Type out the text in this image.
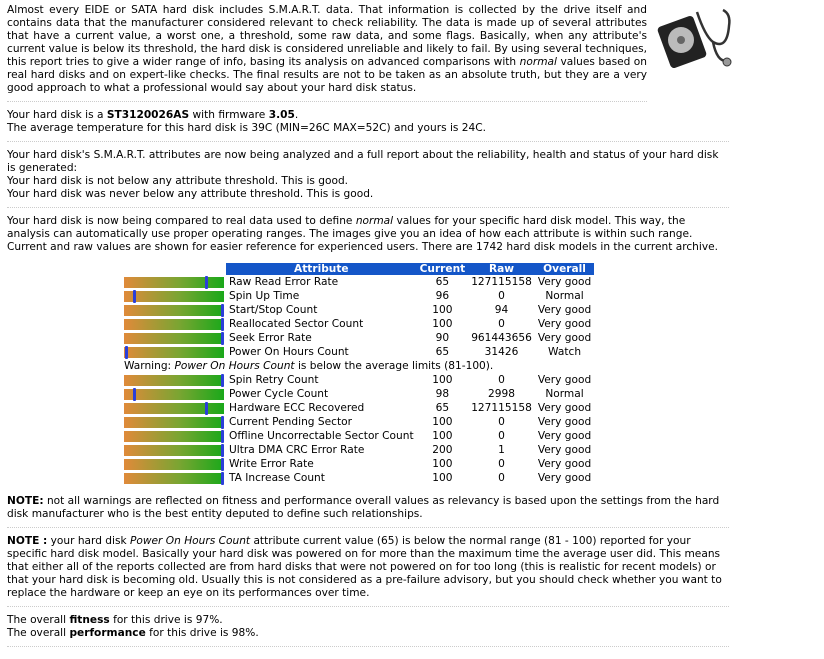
Almost every EIDE or SATA hard disk includes S.M.A.R.T. data. That information is collected by the drive itself and contains data that the manufacturer considered relevant to check reliability. The data is made up of several attributes that have a current value, a worst one, a threshold, some raw data, and some flags. Basically, when any attribute's current value is below its threshold, the hard disk is considered unreliable and likely to fail. By using several techniques, this report tries to give a wider range of info, basing its analysis on advanced comparisons with normal values based on real hard disks and on expert-like checks. The final results are not to be taken as an absolute truth, but they are a very good approach to what a professional would say about your hard disk status.

Your hard disk is a ST3120026AS with firmware 3.05.
The average temperature for this hard disk is 39C (MIN=26C MAX=52C) and yours is 24C.

Your hard disk's S.M.A.R.T. attributes are now being analyzed and a full report about the reliability, health and status of your hard disk is generated:
Your hard disk is not below any attribute threshold. This is good.
Your hard disk was never below any attribute threshold. This is good.

Your hard disk is now being compared to real data used to define normal values for your specific hard disk model. This way, the analysis can automatically use proper operating ranges. The images give you an idea of how each attribute is within such range. Current and raw values are shown for easier reference for experienced users. There are 1742 hard disk models in the current archive.

	Attribute	Current	Raw	Overall

	Raw Read Error Rate	65	127115158	Very good

	Spin Up Time	96	0	Normal

	Start/Stop Count	100	94	Very good

	Reallocated Sector Count	100	0	Very good

	Seek Error Rate	90	961443656	Very good

	Power On Hours Count	65	31426	Watch
Warning: Power On Hours Count is below the average limits (81-100).				

	Spin Retry Count	100	0	Very good

	Power Cycle Count	98	2998	Normal

	Hardware ECC Recovered	65	127115158	Very good

	Current Pending Sector	100	0	Very good

	Offline Uncorrectable Sector Count	100	0	Very good

	Ultra DMA CRC Error Rate	200	1	Very good

	Write Error Rate	100	0	Very good

	TA Increase Count	100	0	Very good

NOTE: not all warnings are reflected on fitness and performance overall values as relevancy is based upon the settings from the hard disk manufacturer who is the best entity deputed to define such relationships.

NOTE : your hard disk Power On Hours Count attribute current value (65) is below the normal range (81 - 100) reported for your specific hard disk model. Basically your hard disk was powered on for more than the maximum time the average user did. This means that either all of the reports collected are from hard disks that were not powered on for too long (this is realistic for recent models) or that your hard disk is becoming old. Usually this is not considered as a pre-failure advisory, but you should check whether you want to replace the hardware or keep an eye on its performances over time.

The overall fitness for this drive is 97%.
The overall performance for this drive is 98%.
